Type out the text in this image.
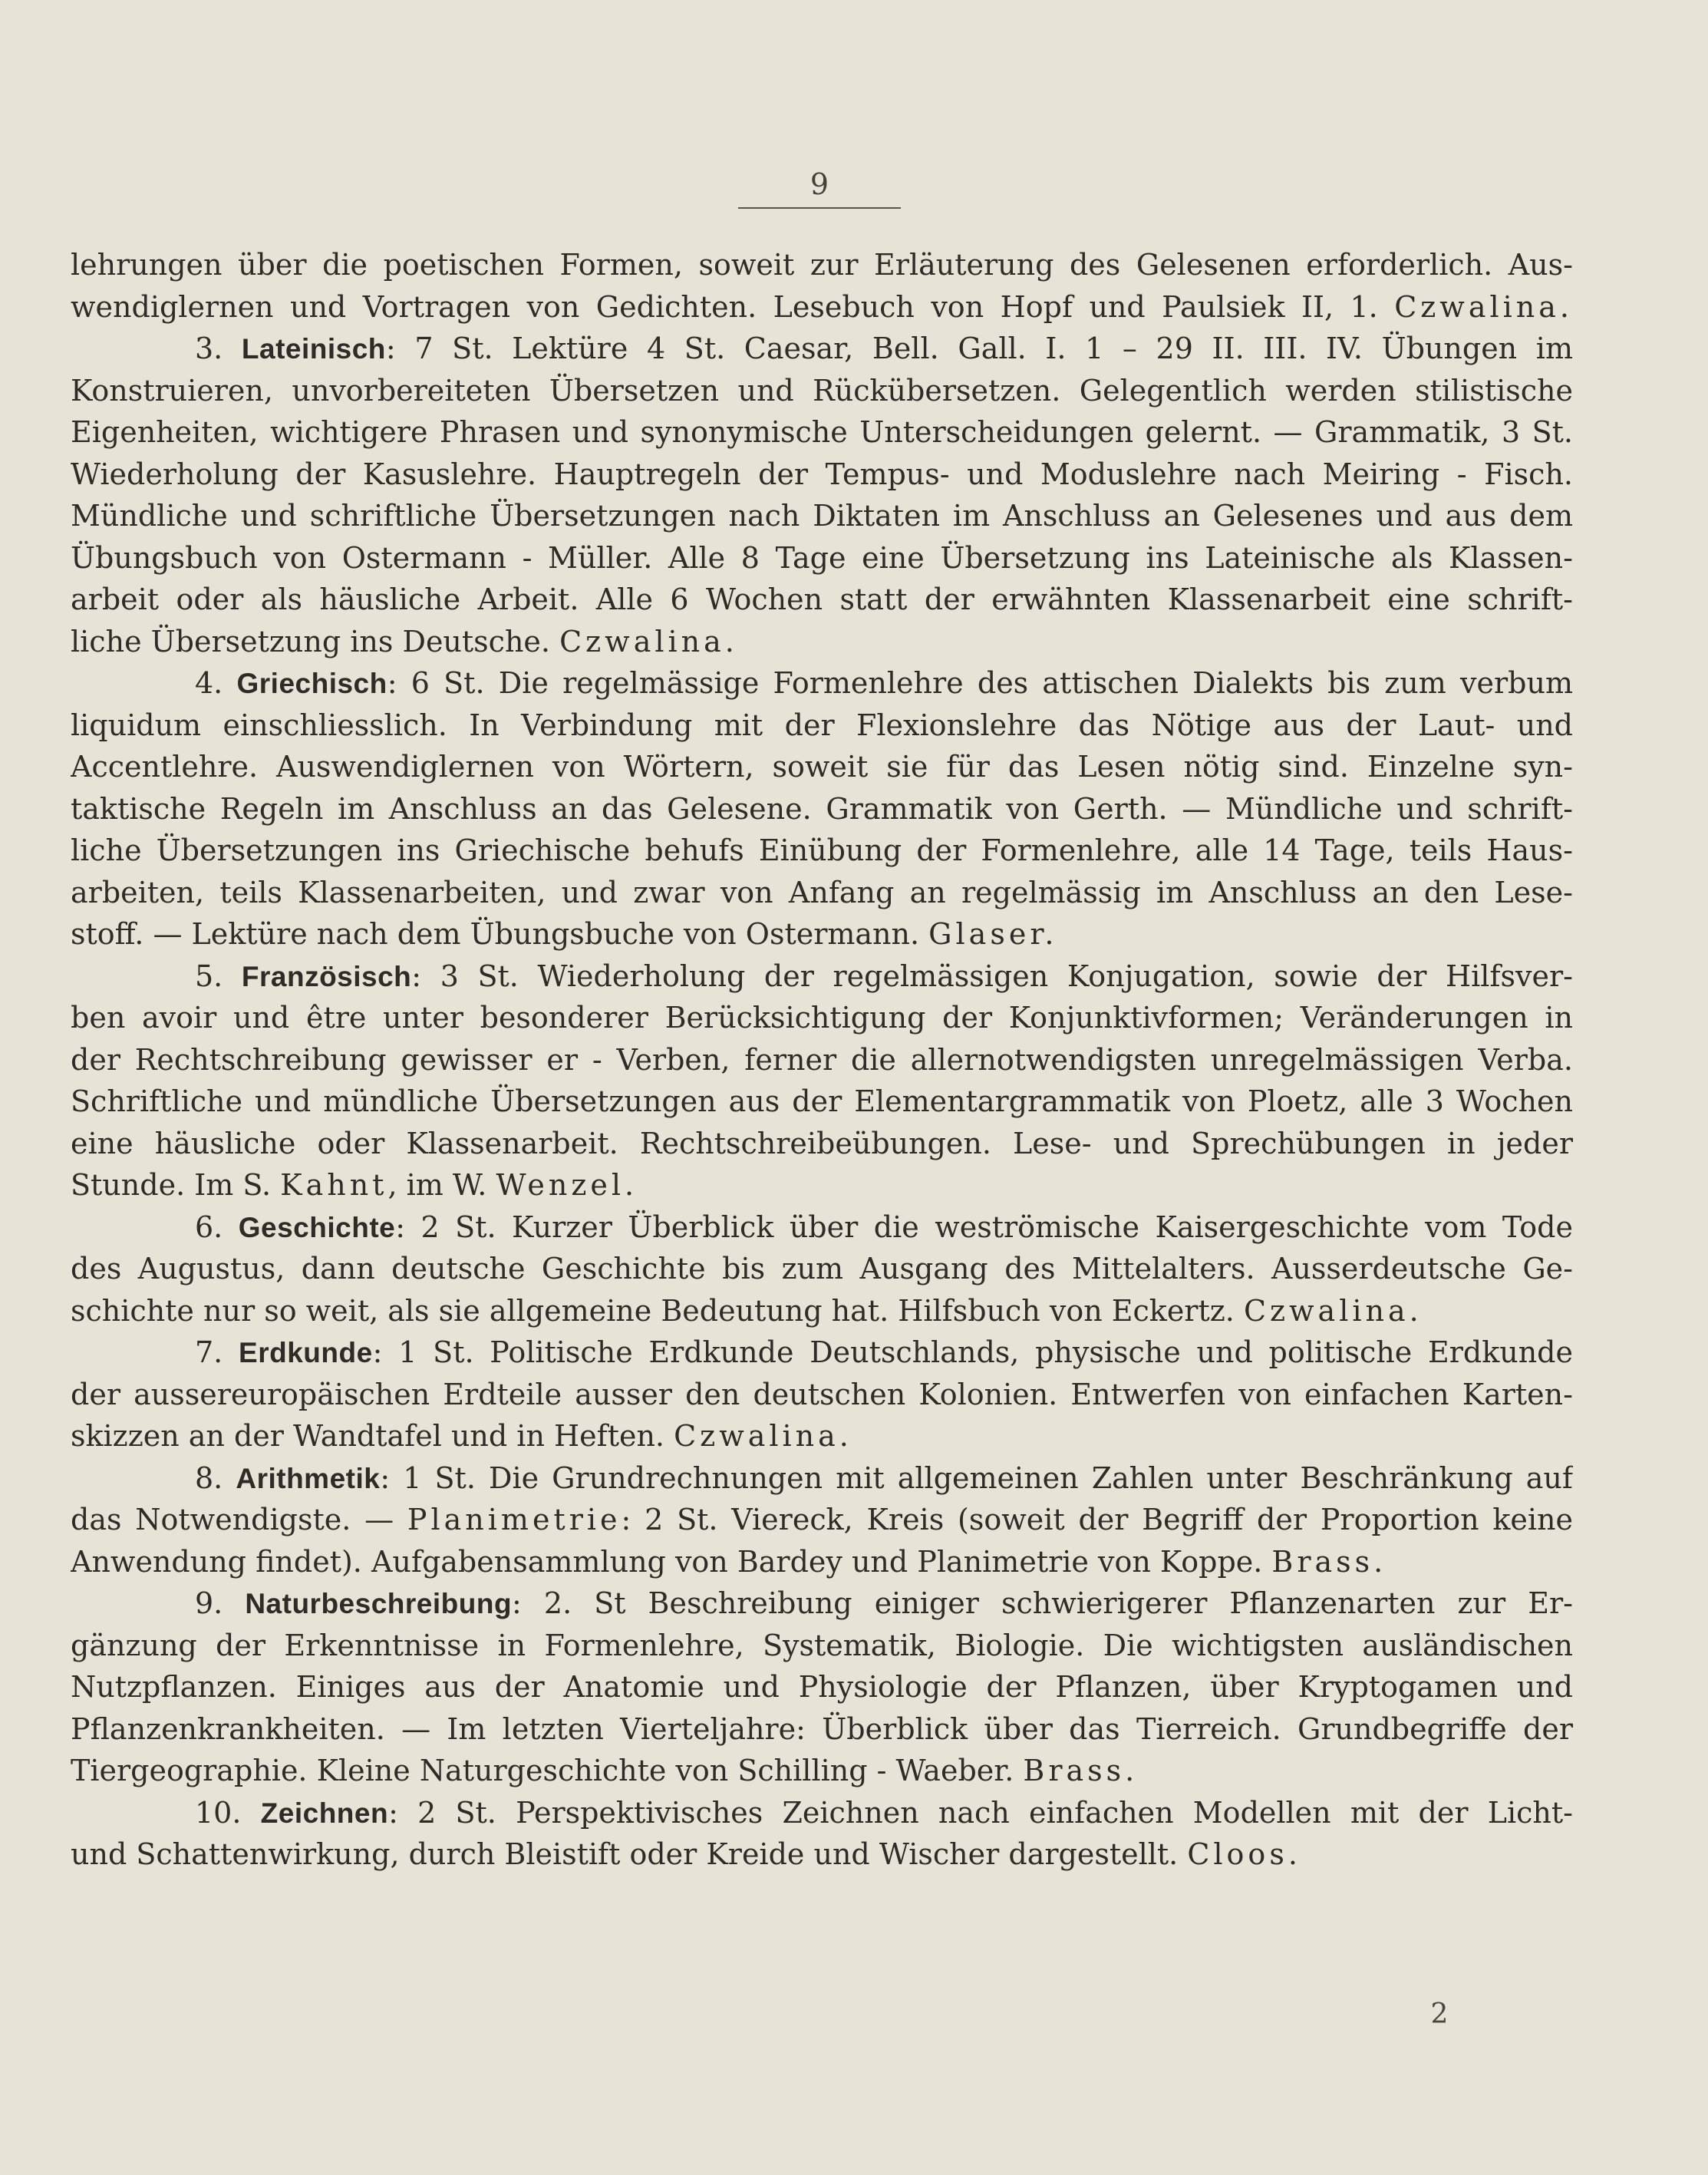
9
lehrungen über die poetischen Formen, soweit zur Erläuterung des Gelesenen erforderlich. Aus-
wendiglernen und Vortragen von Gedichten. Lesebuch von Hopf und Paulsiek II, 1. Czwalina.
3. Lateinisch: 7 St. Lektüre 4 St. Caesar, Bell. Gall. I. 1 – 29 II. III. IV. Übungen im
Konstruieren, unvorbereiteten Übersetzen und Rückübersetzen. Gelegentlich werden stilistische
Eigenheiten, wichtigere Phrasen und synonymische Unterscheidungen gelernt. — Grammatik, 3 St.
Wiederholung der Kasuslehre. Hauptregeln der Tempus- und Moduslehre nach Meiring - Fisch.
Mündliche und schriftliche Übersetzungen nach Diktaten im Anschluss an Gelesenes und aus dem
Übungsbuch von Ostermann - Müller. Alle 8 Tage eine Übersetzung ins Lateinische als Klassen-
arbeit oder als häusliche Arbeit. Alle 6 Wochen statt der erwähnten Klassenarbeit eine schrift-
liche Übersetzung ins Deutsche. Czwalina.
4. Griechisch: 6 St. Die regelmässige Formenlehre des attischen Dialekts bis zum verbum
liquidum einschliesslich. In Verbindung mit der Flexionslehre das Nötige aus der Laut- und
Accentlehre. Auswendiglernen von Wörtern, soweit sie für das Lesen nötig sind. Einzelne syn-
taktische Regeln im Anschluss an das Gelesene. Grammatik von Gerth. — Mündliche und schrift-
liche Übersetzungen ins Griechische behufs Einübung der Formenlehre, alle 14 Tage, teils Haus-
arbeiten, teils Klassenarbeiten, und zwar von Anfang an regelmässig im Anschluss an den Lese-
stoff. — Lektüre nach dem Übungsbuche von Ostermann. Glaser.
5. Französisch: 3 St. Wiederholung der regelmässigen Konjugation, sowie der Hilfsver-
ben avoir und être unter besonderer Berücksichtigung der Konjunktivformen; Veränderungen in
der Rechtschreibung gewisser er - Verben, ferner die allernotwendigsten unregelmässigen Verba.
Schriftliche und mündliche Übersetzungen aus der Elementargrammatik von Ploetz, alle 3 Wochen
eine häusliche oder Klassenarbeit. Rechtschreibeübungen. Lese- und Sprechübungen in jeder
Stunde. Im S. Kahnt, im W. Wenzel.
6. Geschichte: 2 St. Kurzer Überblick über die weströmische Kaisergeschichte vom Tode
des Augustus, dann deutsche Geschichte bis zum Ausgang des Mittelalters. Ausserdeutsche Ge-
schichte nur so weit, als sie allgemeine Bedeutung hat. Hilfsbuch von Eckertz. Czwalina.
7. Erdkunde: 1 St. Politische Erdkunde Deutschlands, physische und politische Erdkunde
der aussereuropäischen Erdteile ausser den deutschen Kolonien. Entwerfen von einfachen Karten-
skizzen an der Wandtafel und in Heften. Czwalina.
8. Arithmetik: 1 St. Die Grundrechnungen mit allgemeinen Zahlen unter Beschränkung auf
das Notwendigste. — Planimetrie: 2 St. Viereck, Kreis (soweit der Begriff der Proportion keine
Anwendung findet). Aufgabensammlung von Bardey und Planimetrie von Koppe. Brass.
9. Naturbeschreibung: 2. St Beschreibung einiger schwierigerer Pflanzenarten zur Er-
gänzung der Erkenntnisse in Formenlehre, Systematik, Biologie. Die wichtigsten ausländischen
Nutzpflanzen. Einiges aus der Anatomie und Physiologie der Pflanzen, über Kryptogamen und
Pflanzenkrankheiten. — Im letzten Vierteljahre: Überblick über das Tierreich. Grundbegriffe der
Tiergeographie. Kleine Naturgeschichte von Schilling - Waeber. Brass.
10. Zeichnen: 2 St. Perspektivisches Zeichnen nach einfachen Modellen mit der Licht-
und Schattenwirkung, durch Bleistift oder Kreide und Wischer dargestellt. Cloos.
2
